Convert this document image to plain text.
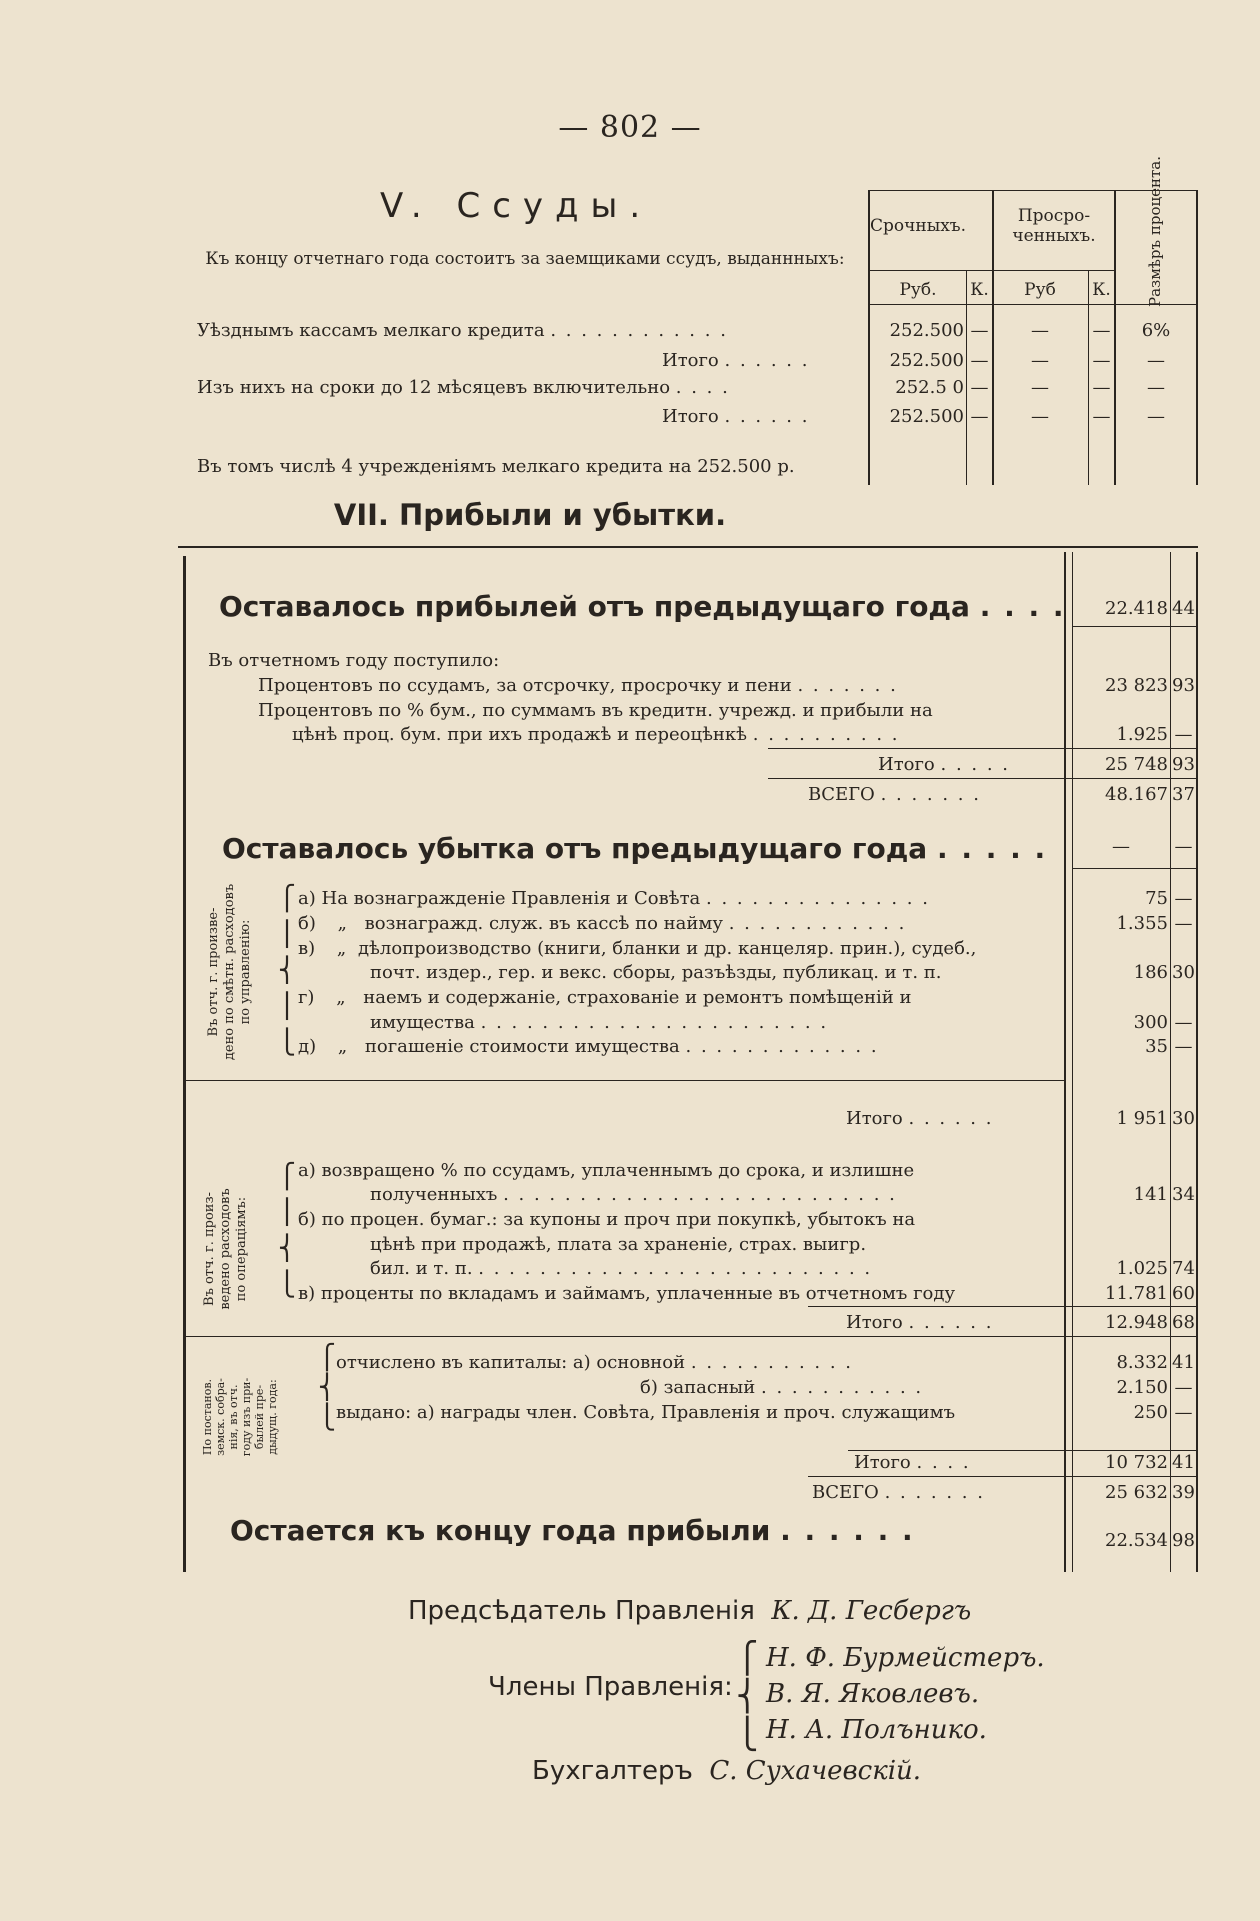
— 802 —
V. Ссуды.
Къ концу отчетнаго года состоитъ за заемщиками ссудъ, выданнныхъ:
Срочныхъ.	Просро-ченныхъ.	Размѣръ процента.
Руб.	К.	Руб	К.
Уѣзднымъ кассамъ мелкаго кредита . . . . . . . . . . . .	252.500 —	—	—	6%
Итого . . . . . .	252.500 —	—	—	—
Изъ нихъ на сроки до 12 мѣсяцевъ включительно . . . .	252.5 0 —	—	—	—
Итого . . . . . .	252.500 —	—	—	—
Въ томъ числѣ 4 учрежденіямъ мелкаго кредита на 252.500 р.
VII. Прибыли и убытки.
Оставалось прибылей отъ предыдущаго года . . . .	22.418 44
Въ отчетномъ году поступило:
Процентовъ по ссудамъ, за отсрочку, просрочку и пени . . . . . . .	23 823 93
Процентовъ по % бум., по суммамъ въ кредитн. учрежд. и прибыли на
цѣнѣ проц. бум. при ихъ продажѣ и переоцѣнкѣ . . . . . . . . . .	1.925 —
Итого . . . . .	25 748 93
ВСЕГО . . . . . . .	48.167 37
Оставалось убытка отъ предыдущаго года . . . . .	—	—
Въ отч. г. произве- дено по смѣтн. расходовъ по управленію:
⎧
⎪
⎨
⎪
⎩
а) На вознагражденіе Правленія и Совѣта . . . . . . . . . . . . . . .	75 —
б) „ вознагражд. служ. въ кассѣ по найму . . . . . . . . . . . .	1.355 —
в) „ дѣлопроизводство (книги, бланки и др. канцеляр. прин.), судеб.,
почт. издер., гер. и векс. сборы, разъѣзды, публикац. и т. п.	186 30
г) „ наемъ и содержаніе, страхованіе и ремонтъ помѣщеній и
имущества . . . . . . . . . . . . . . . . . . . . . . .	300 —
д) „ погашеніе стоимости имущества . . . . . . . . . . . . .	35 —
Итого . . . . . .	1 951 30
Въ отч. г. произ- ведено расходовъ по операціямъ:
⎧
⎪
⎨
⎩
а) возвращено % по ссудамъ, уплаченнымъ до срока, и излишне
полученныхъ . . . . . . . . . . . . . . . . . . . . . . . . . .	141 34
б) по процен. бумаг.: за купоны и проч при покупкѣ, убытокъ на
цѣнѣ при продажѣ, плата за храненіе, страх. выигр.
бил. и т. п. . . . . . . . . . . . . . . . . . . . . . . . . . .	1.025 74
в) проценты по вкладамъ и займамъ, уплаченные въ отчетномъ году	11.781 60
Итого . . . . . .	12.948 68
По постанов. земск. собра- нія, въ отч. году изъ при- былей пре- дыдущ. года:
⎧
⎨
⎩
отчислено въ капиталы: а) основной . . . . . . . . . . .	8.332 41
б) запасный . . . . . . . . . . .	2.150 —
выдано: а) награды член. Совѣта, Правленія и проч. служащимъ	250 —
Итого . . . .	10 732 41
ВСЕГО . . . . . . .	25 632 39
Остается къ концу года прибыли . . . . . .	22.534 98
Предсѣдатель Правленія К. Д. Гесбергъ
Члены Правленія:
⎧
⎨
⎩
Н. Ф. Бурмейстеръ.
В. Я. Яковлевъ.
Н. А. Полънико.
Бухгалтеръ С. Сухачевскій.
